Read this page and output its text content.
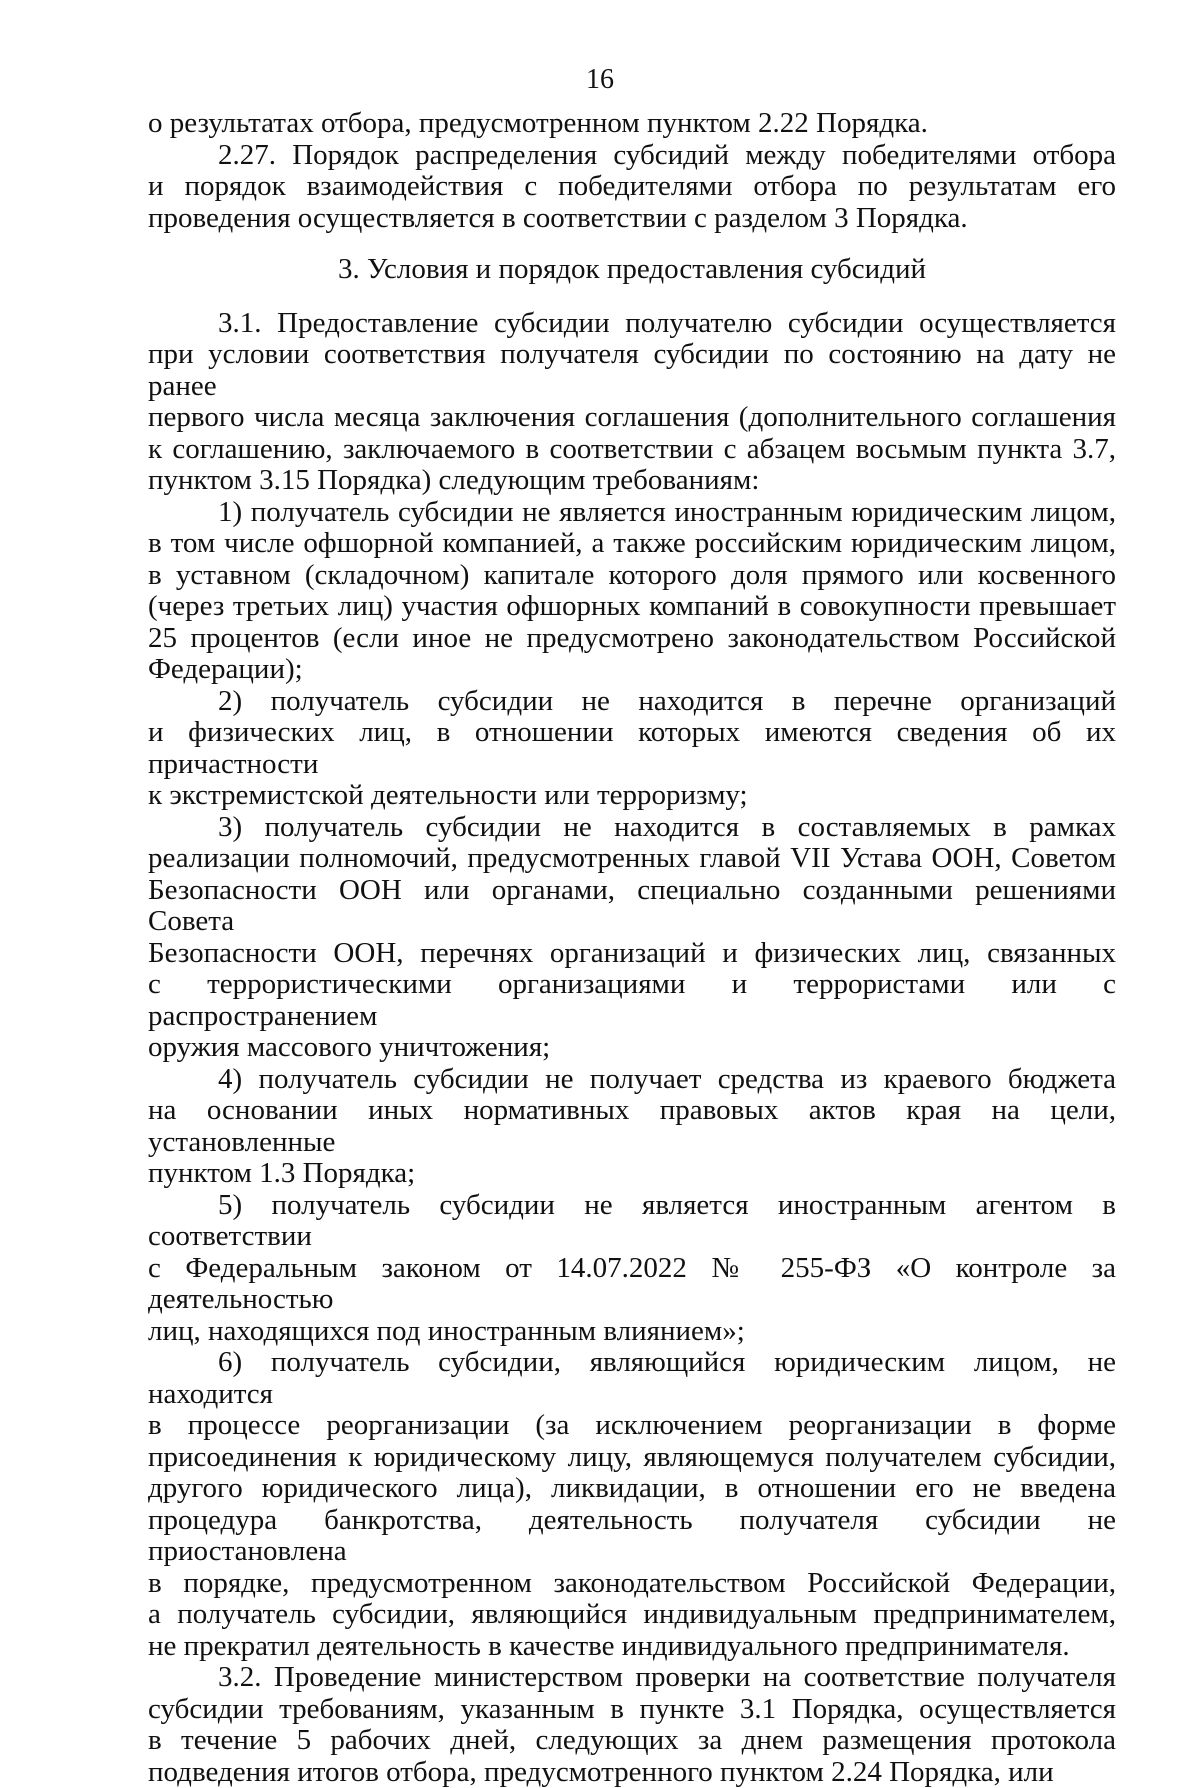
16

о результатах отбора, предусмотренном пунктом 2.22 Порядка.

2.27. Порядок распределения субсидий между победителями отбора

и порядок взаимодействия с победителями отбора по результатам его

проведения осуществляется в соответствии с разделом 3 Порядка.

3. Условия и порядок предоставления субсидий

3.1. Предоставление субсидии получателю субсидии осуществляется

при условии соответствия получателя субсидии по состоянию на дату не ранее

первого числа месяца заключения соглашения (дополнительного соглашения

к соглашению, заключаемого в соответствии с абзацем восьмым пункта 3.7,

пунктом 3.15 Порядка) следующим требованиям:

1) получатель субсидии не является иностранным юридическим лицом,

в том числе офшорной компанией, а также российским юридическим лицом,

в уставном (складочном) капитале которого доля прямого или косвенного

(через третьих лиц) участия офшорных компаний в совокупности превышает

25 процентов (если иное не предусмотрено законодательством Российской

Федерации);

2) получатель субсидии не находится в перечне организаций

и физических лиц, в отношении которых имеются сведения об их причастности

к экстремистской деятельности или терроризму;

3) получатель субсидии не находится в составляемых в рамках

реализации полномочий, предусмотренных главой VII Устава ООН, Советом

Безопасности ООН или органами, специально созданными решениями Совета

Безопасности ООН, перечнях организаций и физических лиц, связанных

с террористическими организациями и террористами или с распространением

оружия массового уничтожения;

4) получатель субсидии не получает средства из краевого бюджета

на основании иных нормативных правовых актов края на цели, установленные

пунктом 1.3 Порядка;

5) получатель субсидии не является иностранным агентом в соответствии

с Федеральным законом от 14.07.2022 № 255-ФЗ «О контроле за деятельностью

лиц, находящихся под иностранным влиянием»;

6) получатель субсидии, являющийся юридическим лицом, не находится

в процессе реорганизации (за исключением реорганизации в форме

присоединения к юридическому лицу, являющемуся получателем субсидии,

другого юридического лица), ликвидации, в отношении его не введена

процедура банкротства, деятельность получателя субсидии не приостановлена

в порядке, предусмотренном законодательством Российской Федерации,

а получатель субсидии, являющийся индивидуальным предпринимателем,

не прекратил деятельность в качестве индивидуального предпринимателя.

3.2. Проведение министерством проверки на соответствие получателя

субсидии требованиям, указанным в пункте 3.1 Порядка, осуществляется

в течение 5 рабочих дней, следующих за днем размещения протокола

подведения итогов отбора, предусмотренного пунктом 2.24 Порядка, или
